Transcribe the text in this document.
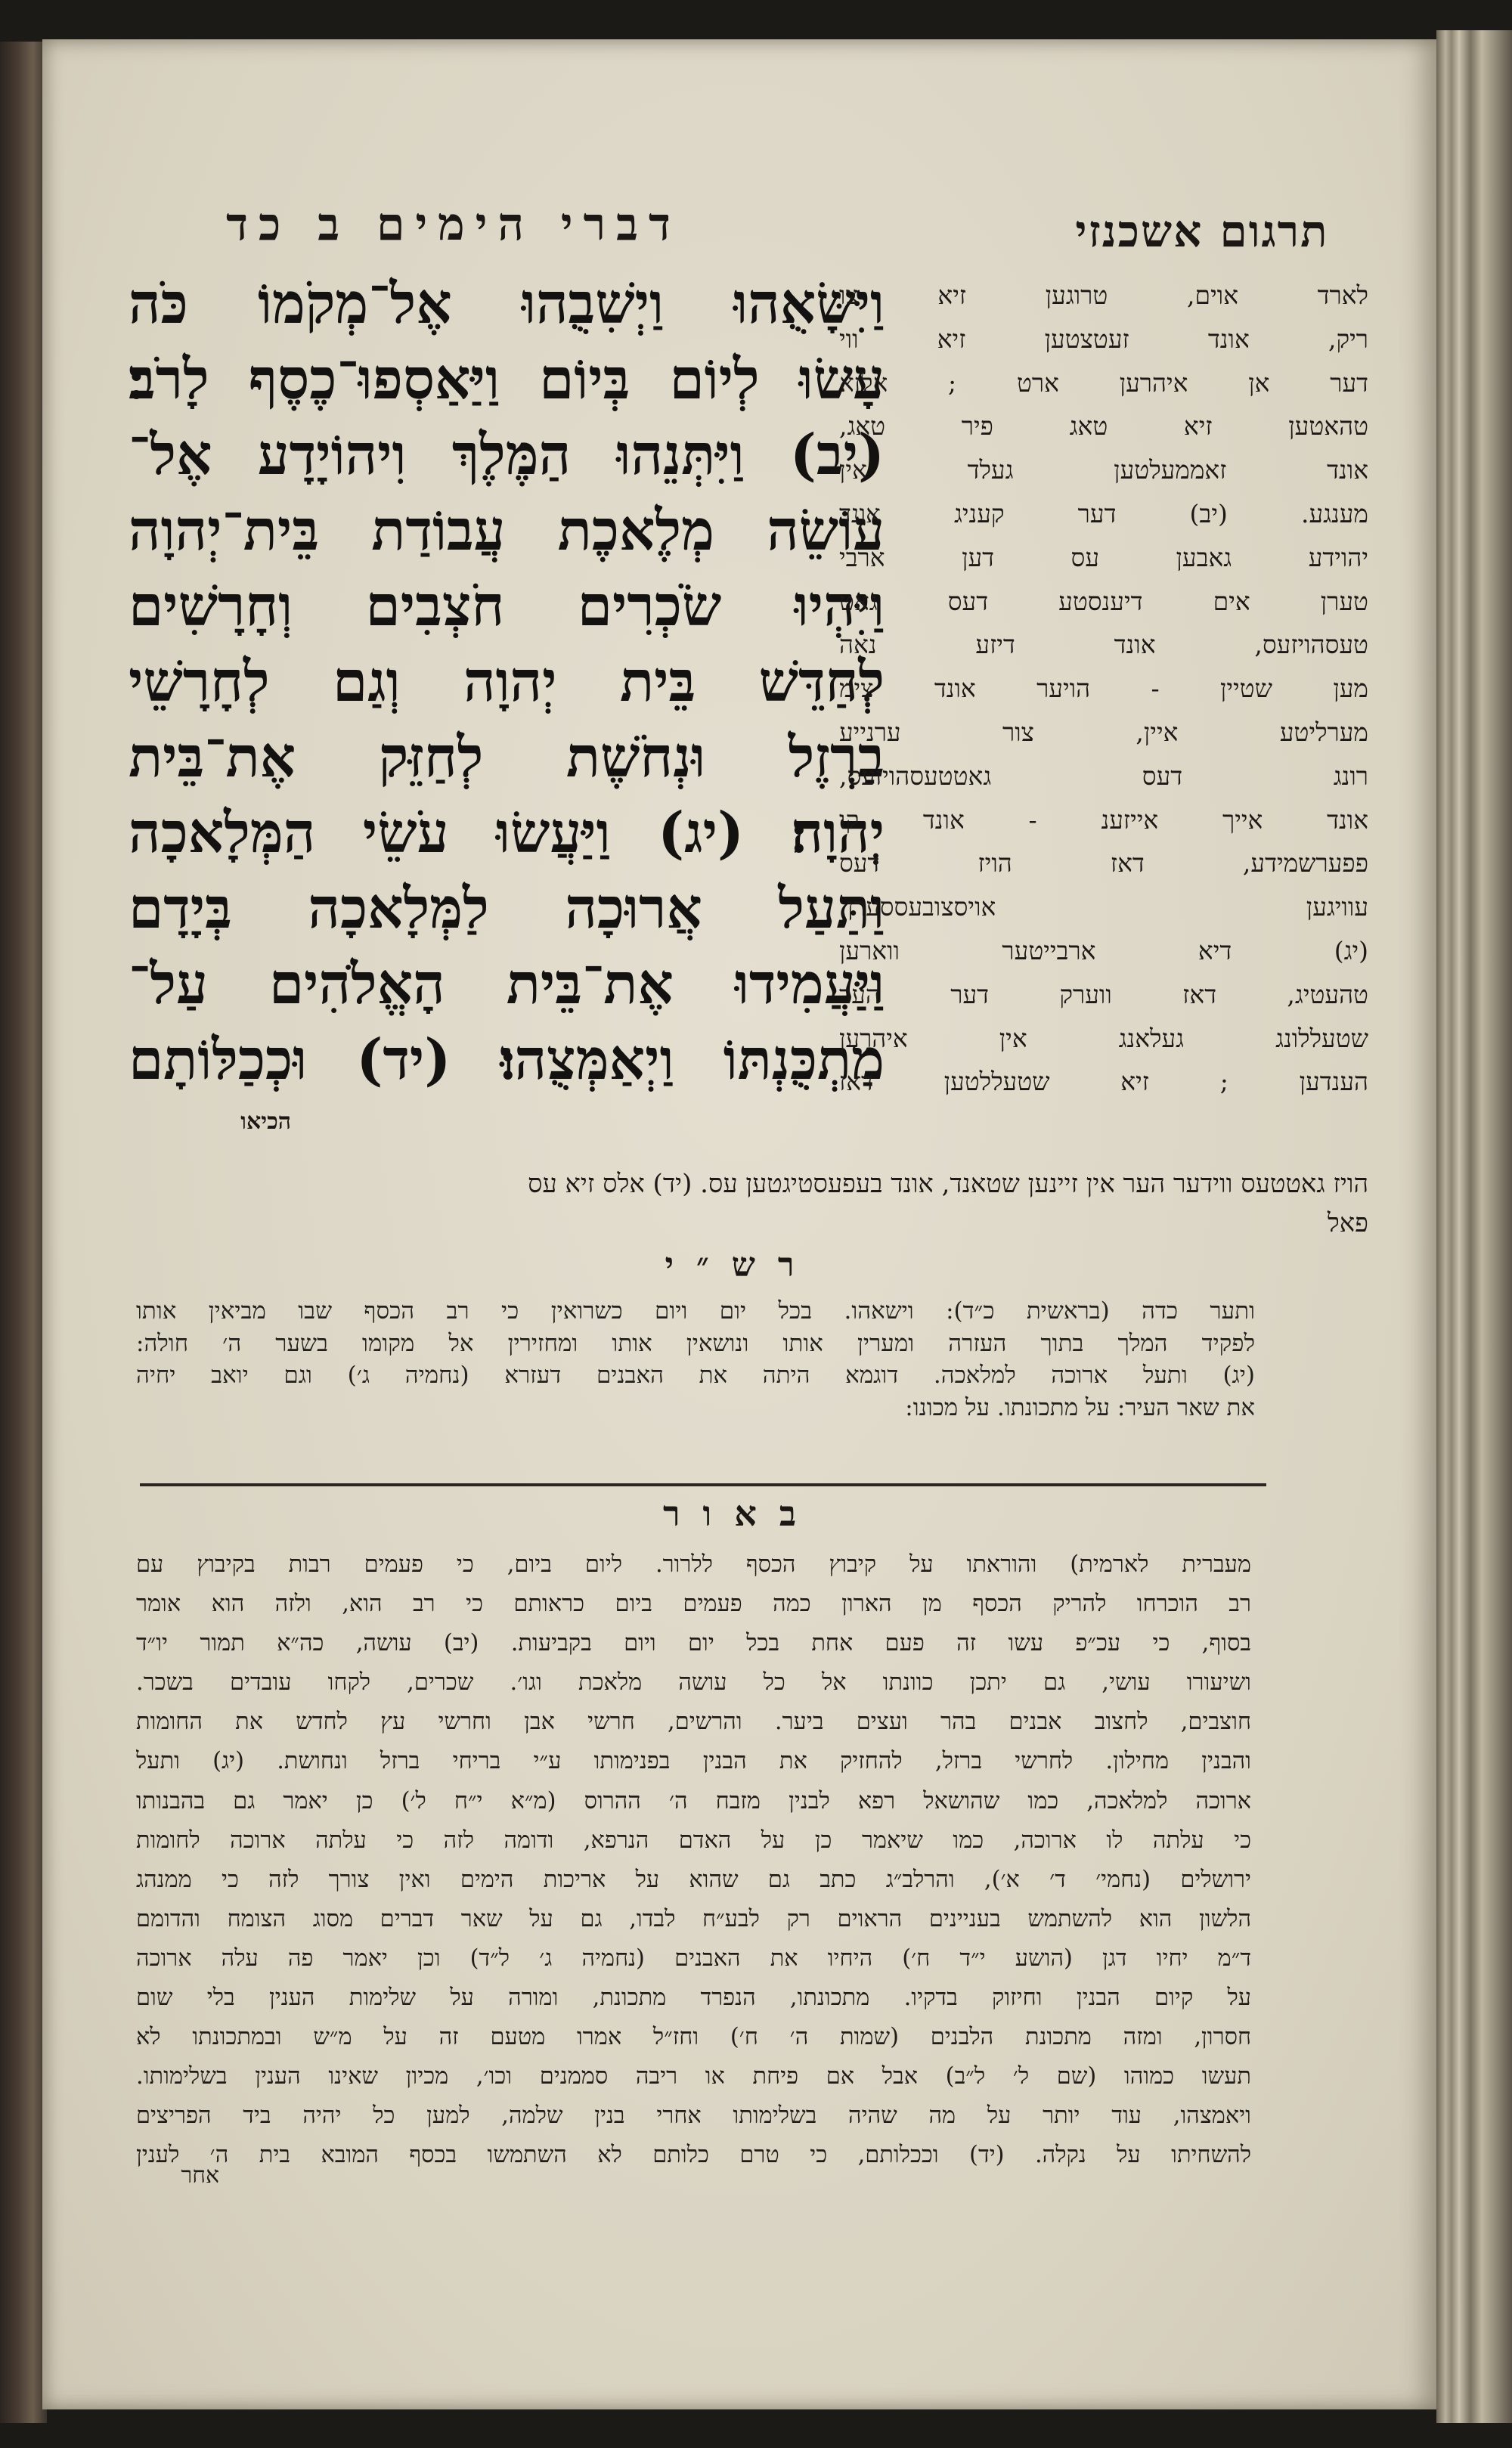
תרגום אשכנזי
דברי הימים ב כד
וַיִּשָּׂאֻהוּ וַיְשִׁבֻהוּ אֶל־מְקֹמוֹ כֹּה
עָשׂוּ לְיוֹם בְּיוֹם וַיַּאַסְפוּ־כֶסֶף לָרֹב׃
(יב) וַיִּתְּנֵהוּ הַמֶּלֶךְ וִיהוֹיָדָע אֶל־
עוֹשֵׂה מְלֶאכֶת עֲבוֹדַת בֵּית־יְהוָה
וַיִּהְיוּ שֹׂכְרִים חֹצְבִים וְחָרָשִׁים
לְחַדֵּשׁ בֵּית יְהוָה וְגַם לְחָרָשֵׁי
בַרְזֶל וּנְחֹשֶׁת לְחַזֵּק אֶת־בֵּית
יְהוָה׃ (יג) וַיַּעֲשׂוּ עֹשֵׂי הַמְּלָאכָה
וַתַּעַל אֲרוּכָה לַמְּלָאכָה בְּיָדָם
וַיַּעֲמִידוּ אֶת־בֵּית הָאֱלֹהִים עַל־
מַתְכֻּנְתּוֹ וַיְאַמְּצֻהוּ׃ (יד) וּכְכַלּוֹתָם
הכיאו
לארד אוים, טרוגען זיא צו
ריק, אונד זעטצטען זיא ווי
דער אן איהרען ארט ; אלזא
טהאטען זיא טאג פיר טאג,
אונד זאממעלטען געלד אין
מענגע. (יב) דער קעניג אונד
יהוידע גאבען עס דען ארבי
טערן אים דיענסטע דעס גאט
טעסהויזעס, אונד דיזע נאה
מען שטיין - הויער אונד צימ
מערליטע איין, צור ערנייע
רונג דעס גאטטעסהויזעס,
אונד אייך אייזענ - אונד קו
פפערשמידע, דאז הויז דעס
עוויגען אויסצובעססערן.
(יג) דיא ארבייטער ווארען
טהעטיג, דאז ווערק דער הער
שטעללונג געלאנג אין איהרען
הענדען ; זיא שטעללטען דאז
הויז גאטטעס ווידער הער אין זיינען שטאנד, אונד בעפעסטיגטען עס. (יד) אלס זיא עס
פאל
רש״י
ותער כדה (בראשית כ״ד): וישאהו. בכל יום ויום כשרואין כי רב הכסף שבו מביאין אותו
לפקיד המלך בתוך העזרה ומערין אותו ונושאין אותו ומחזירין אל מקומו בשער ה׳ חולה:
(יג) ותעל ארוכה למלאכה. דוגמא היתה את האבנים דעזרא (נחמיה ג׳) וגם יואב יחיה
את שאר העיר: על מתכונתו. על מכונו:
באור
מעברית לארמית) והוראתו על קיבוץ הכסף ללרור. ליום ביום, כי פעמים רבות בקיבוץ עם
רב הוכרחו להריק הכסף מן הארון כמה פעמים ביום כראותם כי רב הוא, ולזה הוא אומר
בסוף, כי עכ״פ עשו זה פעם אחת בכל יום ויום בקביעות. (יב) עושה, כה״א תמור יו״ד
ושיעורו עושי, גם יתכן כוונתו אל כל עושה מלאכת וגו׳. שכרים, לקחו עובדים בשכר.
חוצבים, לחצוב אבנים בהר ועצים ביער. והרשים, חרשי אבן וחרשי עץ לחדש את החומות
והבנין מחילון. לחרשי ברזל, להחזיק את הבנין בפנימותו ע״י בריחי ברזל ונחושת. (יג) ותעל
ארוכה למלאכה, כמו שהושאל רפא לבנין מזבח ה׳ ההרוס (מ״א י״ח ל׳) כן יאמר גם בהבנותו
כי עלתה לו ארוכה, כמו שיאמר כן על האדם הנרפא, ודומה לזה כי עלתה ארוכה לחומות
ירושלים (נחמי׳ ד׳ א׳), והרלב״ג כתב גם שהוא על אריכות הימים ואין צורך לזה כי ממנהג
הלשון הוא להשתמש בעניינים הראוים רק לבע״ח לבדו, גם על שאר דברים מסוג הצומח והדומם
ד״מ יחיו דגן (הושע י״ד ח׳) היחיו את האבנים (נחמיה ג׳ ל״ד) וכן יאמר פה עלה ארוכה
על קיום הבנין וחיזוק בדקיו. מתכונתו, הנפרד מתכונת, ומורה על שלימות הענין בלי שום
חסרון, ומזה מתכונת הלבנים (שמות ה׳ ח׳) וחז״ל אמרו מטעם זה על מ״ש ובמתכונתו לא
תעשו כמוהו (שם ל׳ ל״ב) אבל אם פיחת או ריבה סממנים וכו׳, מכיון שאינו הענין בשלימותו.
ויאמצהו, עוד יותר על מה שהיה בשלימותו אחרי בנין שלמה, למען כל יהיה ביד הפריצים
להשחיתו על נקלה. (יד) וככלותם, כי טרם כלותם לא השתמשו בכסף המובא בית ה׳ לענין
אחר
